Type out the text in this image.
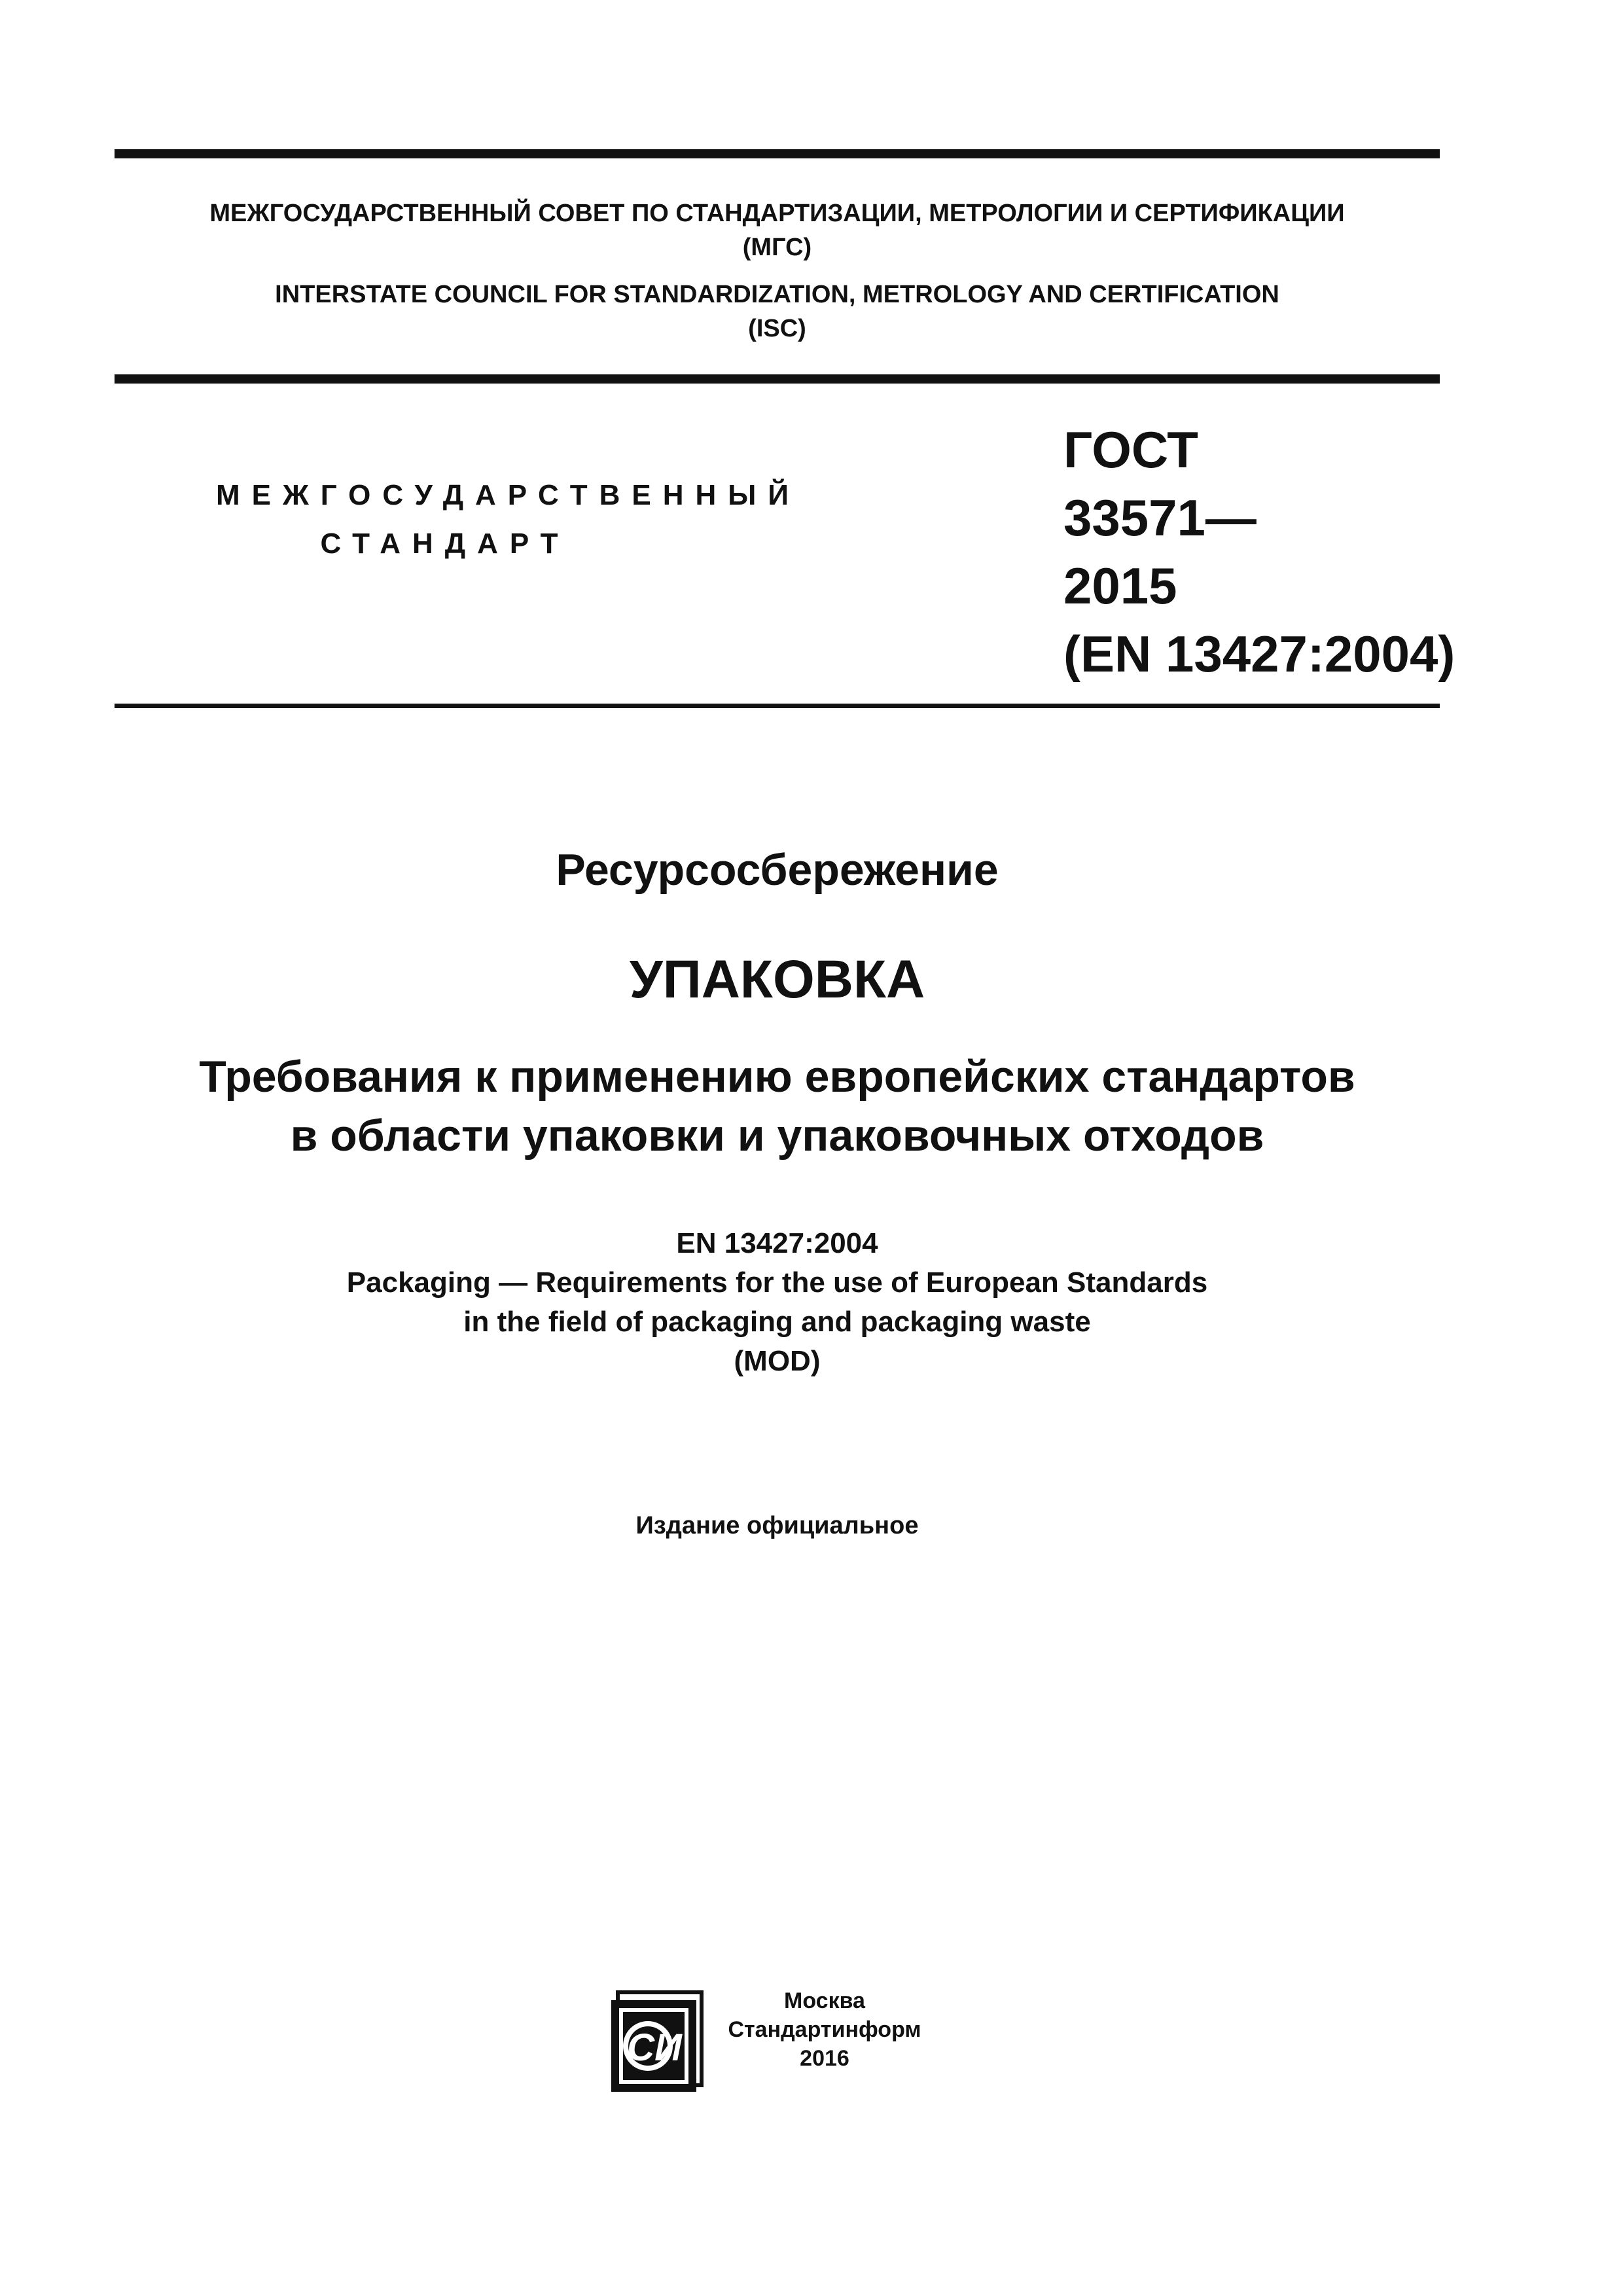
МЕЖГОСУДАРСТВЕННЫЙ СОВЕТ ПО СТАНДАРТИЗАЦИИ, МЕТРОЛОГИИ И СЕРТИФИКАЦИИ
(МГС)
INTERSTATE COUNCIL FOR STANDARDIZATION, METROLOGY AND CERTIFICATION
(ISC)
МЕЖГОСУДАРСТВЕННЫЙ
СТАНДАРТ
ГОСТ
33571—
2015
(EN 13427:2004)
Ресурсосбережение
УПАКОВКА
Требования к применению европейских стандартов
в области упаковки и упаковочных отходов
EN 13427:2004
Packaging — Requirements for the use of European Standards
in the field of packaging and packaging waste
(MOD)
Издание официальное
СИ
Москва
Стандартинформ
2016
